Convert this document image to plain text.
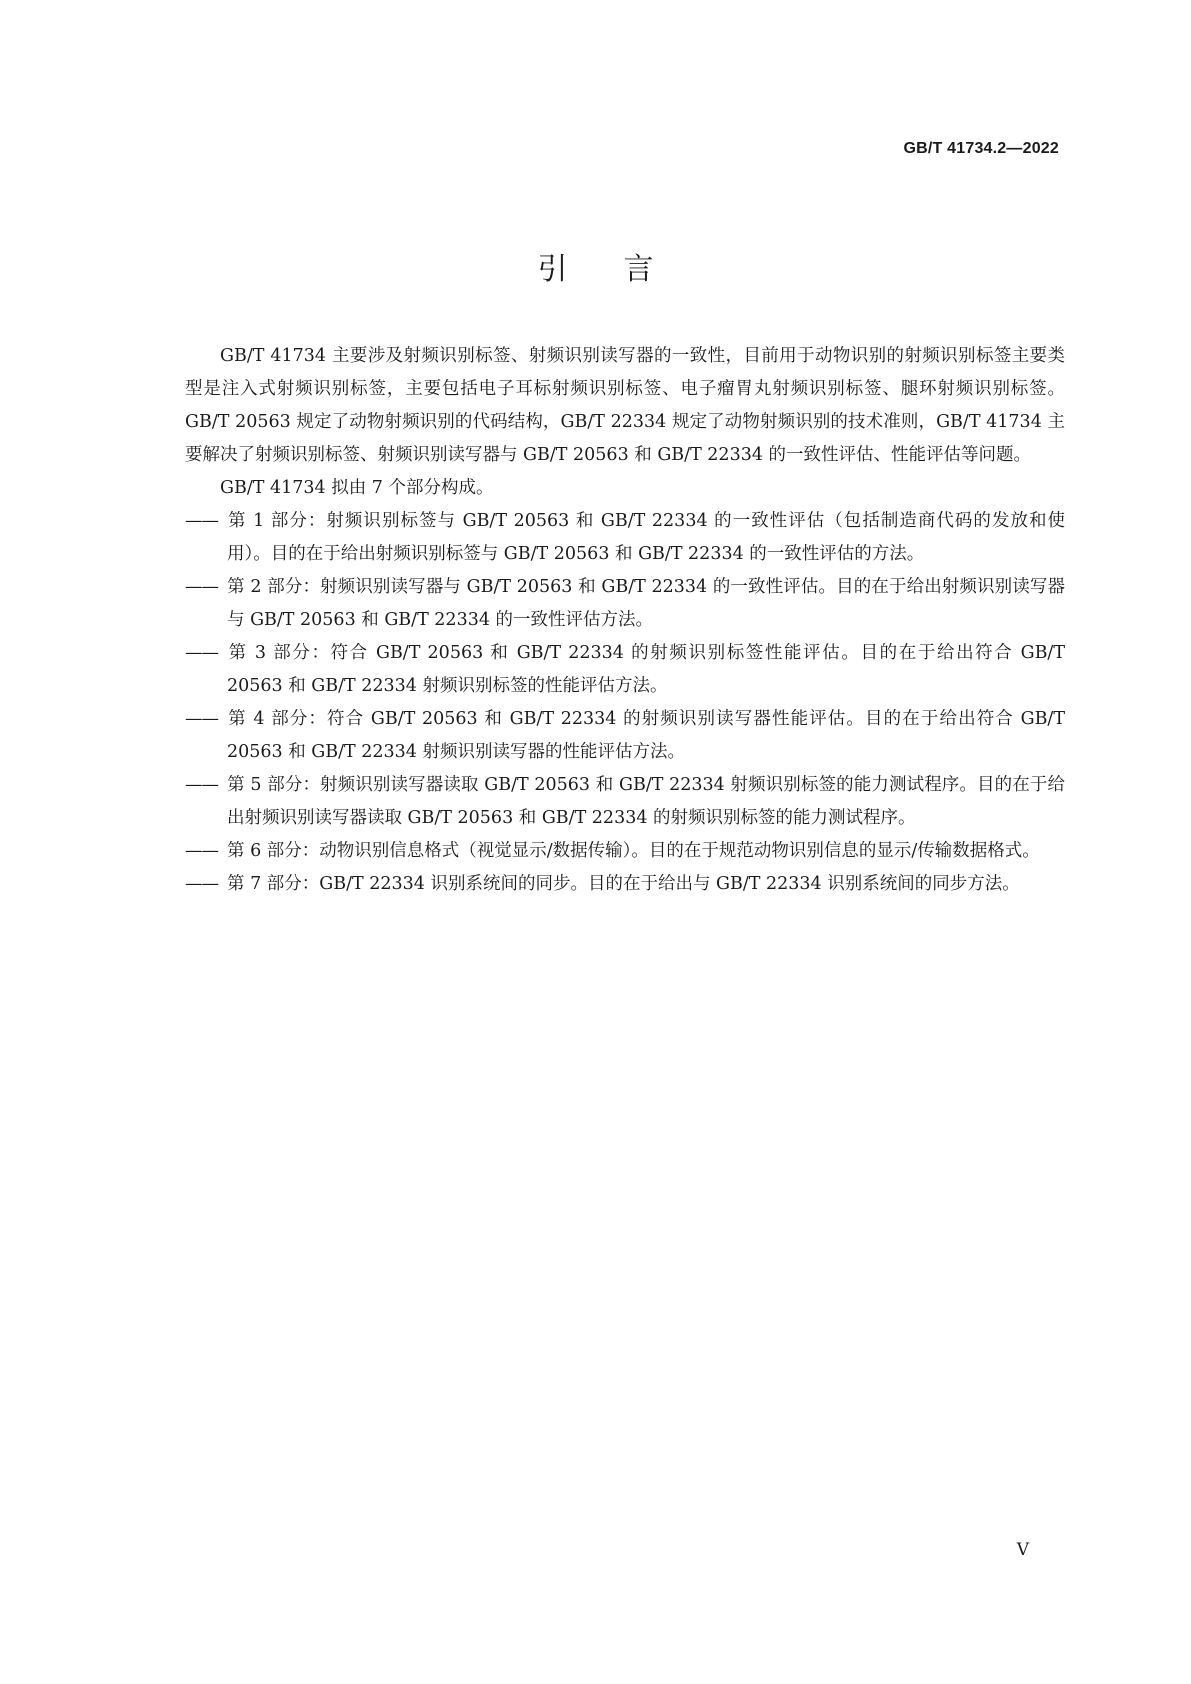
GB/T 41734.2—2022
引言

GB/T 41734 主要涉及射频识别标签、射频识别读写器的一致性，目前用于动物识别的射频识别标签主要类型是注入式射频识别标签，主要包括电子耳标射频识别标签、电子瘤胃丸射频识别标签、腿环射频识别标签。GB/T 20563 规定了动物射频识别的代码结构，GB/T 22334 规定了动物射频识别的技术准则，GB/T 41734 主要解决了射频识别标签、射频识别读写器与 GB/T 20563 和 GB/T 22334 的一致性评估、性能评估等问题。

GB/T 41734 拟由 7 个部分构成。

—— 第 1 部分：射频识别标签与 GB/T 20563 和 GB/T 22334 的一致性评估（包括制造商代码的发放和使用）。目的在于给出射频识别标签与 GB/T 20563 和 GB/T 22334 的一致性评估的方法。
—— 第 2 部分：射频识别读写器与 GB/T 20563 和 GB/T 22334 的一致性评估。目的在于给出射频识别读写器与 GB/T 20563 和 GB/T 22334 的一致性评估方法。
—— 第 3 部分：符合 GB/T 20563 和 GB/T 22334 的射频识别标签性能评估。目的在于给出符合 GB/T 20563 和 GB/T 22334 射频识别标签的性能评估方法。
—— 第 4 部分：符合 GB/T 20563 和 GB/T 22334 的射频识别读写器性能评估。目的在于给出符合 GB/T 20563 和 GB/T 22334 射频识别读写器的性能评估方法。
—— 第 5 部分：射频识别读写器读取 GB/T 20563 和 GB/T 22334 射频识别标签的能力测试程序。目的在于给出射频识别读写器读取 GB/T 20563 和 GB/T 22334 的射频识别标签的能力测试程序。
—— 第 6 部分：动物识别信息格式（视觉显示/数据传输）。目的在于规范动物识别信息的显示/传输数据格式。
—— 第 7 部分：GB/T 22334 识别系统间的同步。目的在于给出与 GB/T 22334 识别系统间的同步方法。
V
